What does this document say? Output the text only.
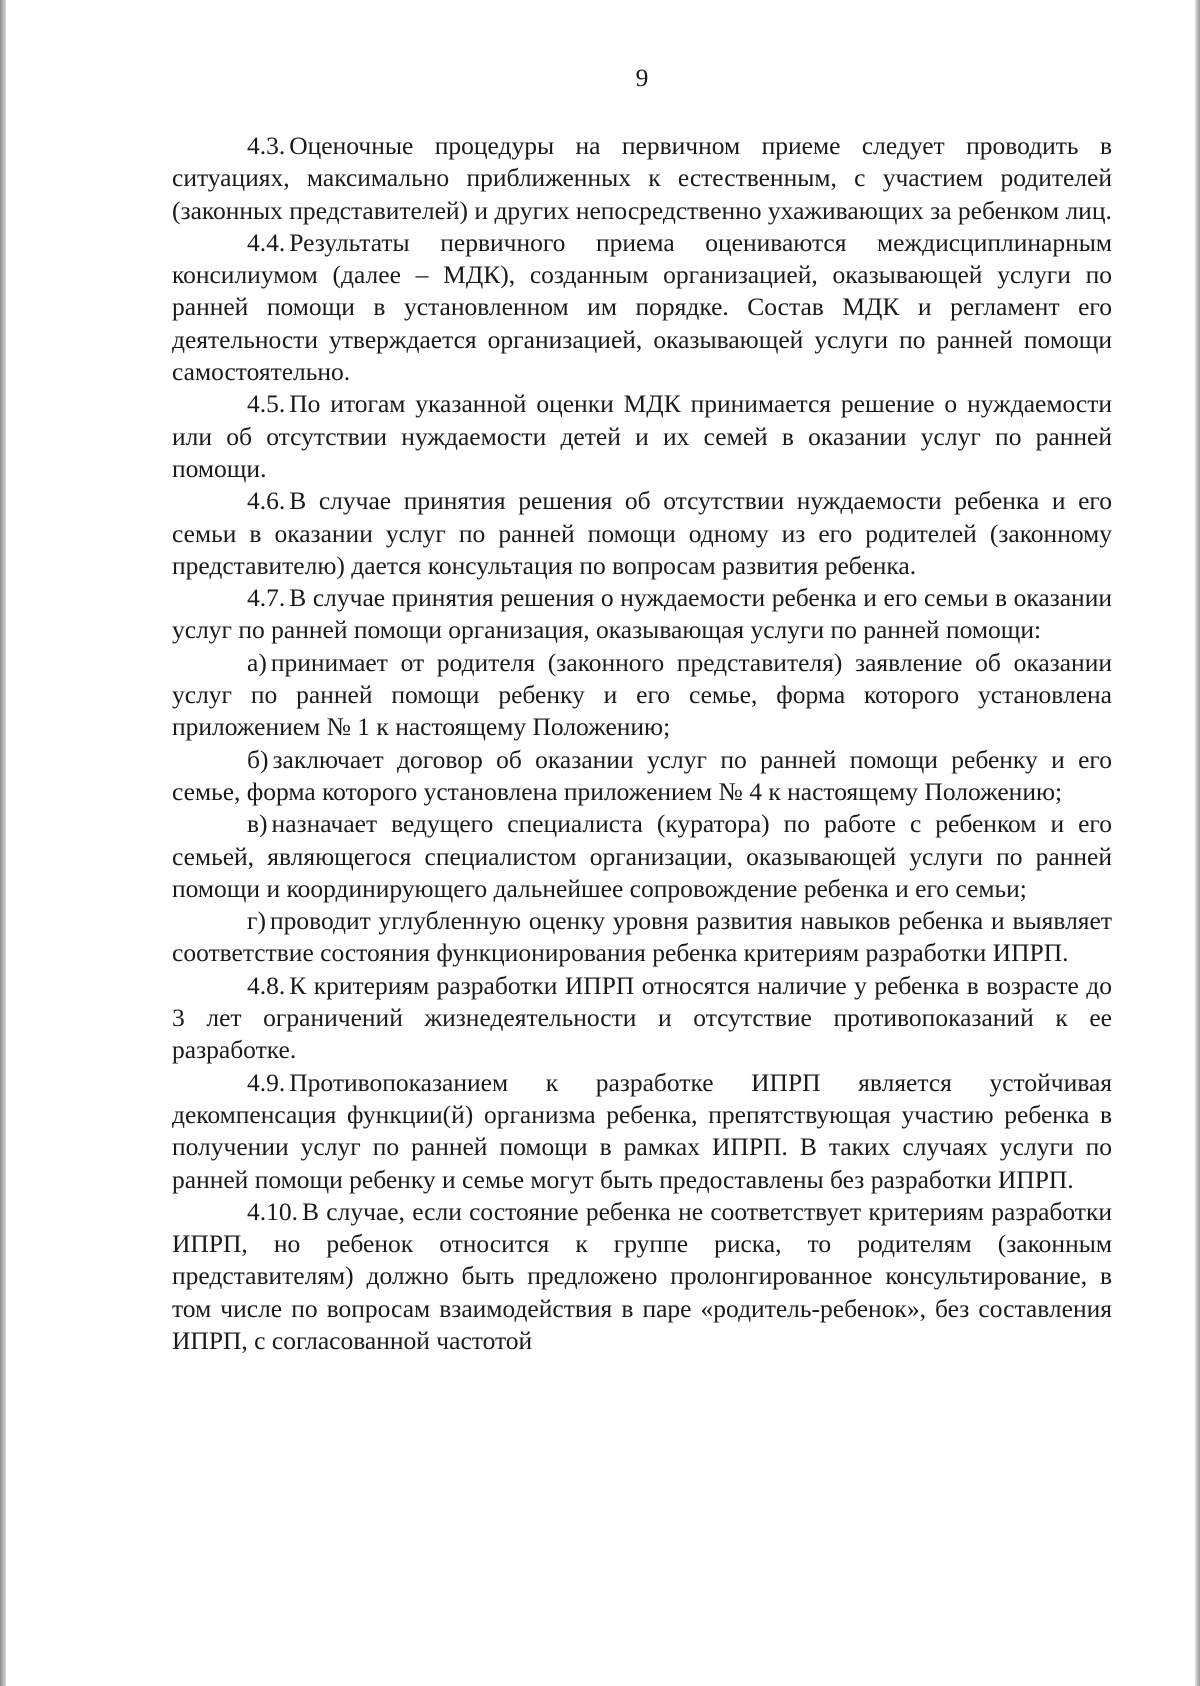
9

4.3. Оценочные процедуры на первичном приеме следует проводить в ситуациях, максимально приближенных к естественным, с участием родителей (законных представителей) и других непосредственно ухаживающих за ребенком лиц.

4.4. Результаты первичного приема оцениваются междисциплинарным консилиумом (далее – МДК), созданным организацией, оказывающей услуги по ранней помощи в установленном им порядке. Состав МДК и регламент его деятельности утверждается организацией, оказывающей услуги по ранней помощи самостоятельно.

4.5. По итогам указанной оценки МДК принимается решение о нуждаемости или об отсутствии нуждаемости детей и их семей в оказании услуг по ранней помощи.

4.6. В случае принятия решения об отсутствии нуждаемости ребенка и его семьи в оказании услуг по ранней помощи одному из его родителей (законному представителю) дается консультация по вопросам развития ребенка.

4.7. В случае принятия решения о нуждаемости ребенка и его семьи в оказании услуг по ранней помощи организация, оказывающая услуги по ранней помощи:

а) принимает от родителя (законного представителя) заявление об оказании услуг по ранней помощи ребенку и его семье, форма которого установлена приложением № 1 к настоящему Положению;

б) заключает договор об оказании услуг по ранней помощи ребенку и его семье, форма которого установлена приложением № 4 к настоящему Положению;

в) назначает ведущего специалиста (куратора) по работе с ребенком и его семьей, являющегося специалистом организации, оказывающей услуги по ранней помощи и координирующего дальнейшее сопровождение ребенка и его семьи;

г) проводит углубленную оценку уровня развития навыков ребенка и выявляет соответствие состояния функционирования ребенка критериям разработки ИПРП.

4.8. К критериям разработки ИПРП относятся наличие у ребенка в возрасте до 3 лет ограничений жизнедеятельности и отсутствие противопоказаний к ее разработке.

4.9. Противопоказанием к разработке ИПРП является устойчивая декомпенсация функции(й) организма ребенка, препятствующая участию ребенка в получении услуг по ранней помощи в рамках ИПРП. В таких случаях услуги по ранней помощи ребенку и семье могут быть предоставлены без разработки ИПРП.

4.10. В случае, если состояние ребенка не соответствует критериям разработки ИПРП, но ребенок относится к группе риска, то родителям (законным представителям) должно быть предложено пролонгированное консультирование, в том числе по вопросам взаимодействия в паре «родитель-ребенок», без составления ИПРП, с согласованной частотой
